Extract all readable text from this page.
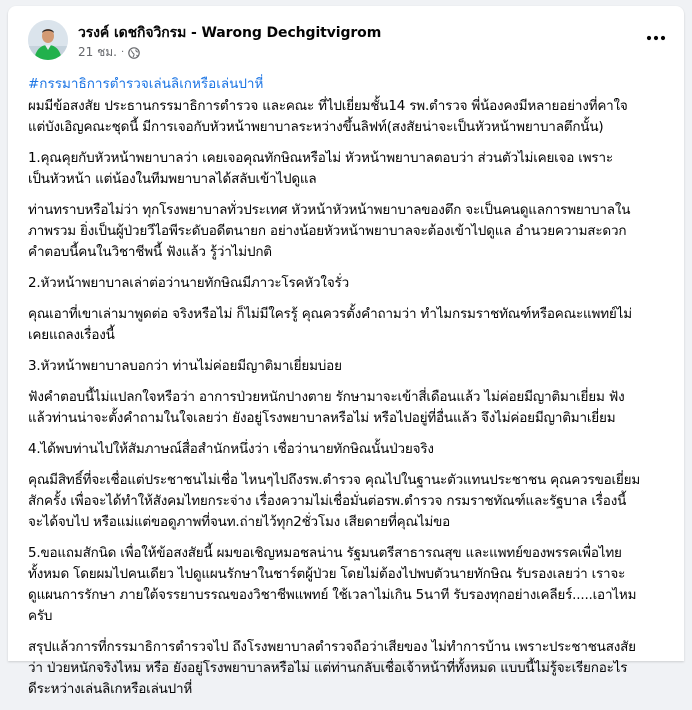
วรงค์ เดชกิจวิกรม - Warong Dechgitvigrom
21 ชม. ·
#กรรมาธิการตำรวจเล่นลิเกหรือเล่นปาหี่

ผมมีข้อสงสัย ประธานกรรมาธิการตำรวจ และคณะ ที่ไปเยี่ยมชั้น14 รพ.ตำรวจ พี่น้องคงมีหลายอย่างที่คาใจ
แต่บังเอิญคณะชุดนี้ มีการเจอกับหัวหน้าพยาบาลระหว่างขึ้นลิฟท์(สงสัยน่าจะเป็นหัวหน้าพยาบาลตึกนั้น)

1.คุณคุยกับหัวหน้าพยาบาลว่า เคยเจอคุณทักษิณหรือไม่ หัวหน้าพยาบาลตอบว่า ส่วนตัวไม่เคยเจอ เพราะ
เป็นหัวหน้า แต่น้องในทีมพยาบาลได้สลับเข้าไปดูแล

ท่านทราบหรือไม่ว่า ทุกโรงพยาบาลทั่วประเทศ หัวหน้าหัวหน้าพยาบาลของตึก จะเป็นคนดูแลการพยาบาลใน
ภาพรวม ยิ่งเป็นผู้ป่วยวีไอพีระดับอดีตนายก อย่างน้อยหัวหน้าพยาบาลจะต้องเข้าไปดูแล อำนวยความสะดวก
คำตอบนี้คนในวิชาชีพนี้ ฟังแล้ว รู้ว่าไม่ปกติ

2.หัวหน้าพยาบาลเล่าต่อว่านายทักษิณมีภาวะโรคหัวใจรั่ว

คุณเอาที่เขาเล่ามาพูดต่อ จริงหรือไม่ ก็ไม่มีใครรู้ คุณควรตั้งคำถามว่า ทำไมกรมราชทัณฑ์หรือคณะแพทย์ไม่
เคยแถลงเรื่องนี้

3.หัวหน้าพยาบาลบอกว่า ท่านไม่ค่อยมีญาติมาเยี่ยมบ่อย

ฟังคำตอบนี้ไม่แปลกใจหรือว่า อาการป่วยหนักปางตาย รักษามาจะเข้าสี่เดือนแล้ว ไม่ค่อยมีญาติมาเยี่ยม ฟัง
แล้วท่านน่าจะตั้งคำถามในใจเลยว่า ยังอยู่โรงพยาบาลหรือไม่ หรือไปอยู่ที่อื่นแล้ว จึงไม่ค่อยมีญาติมาเยี่ยม

4.ได้พบท่านไปให้สัมภาษณ์สื่อสำนักหนึ่งว่า เชื่อว่านายทักษิณนั้นป่วยจริง

คุณมีสิทธิ์ที่จะเชื่อแต่ประชาชนไม่เชื่อ ไหนๆไปถึงรพ.ตำรวจ คุณไปในฐานะตัวแทนประชาชน คุณควรขอเยี่ยม
สักครั้ง เพื่อจะได้ทำให้สังคมไทยกระจ่าง เรื่องความไม่เชื่อมั่นต่อรพ.ตำรวจ กรมราชทัณฑ์และรัฐบาล เรื่องนี้
จะได้จบไป หรือแม่แต่ขอดูภาพที่จนท.ถ่ายไว้ทุก2ชั่วโมง เสียดายที่คุณไม่ขอ

5.ขอแถมสักนิด เพื่อให้ข้อสงสัยนี้ ผมขอเชิญหมอชลน่าน รัฐมนตรีสาธารณสุข และแพทย์ของพรรคเพื่อไทย
ทั้งหมด โดยผมไปคนเดียว ไปดูแผนรักษาในชาร์ตผู้ป่วย โดยไม่ต้องไปพบตัวนายทักษิณ รับรองเลยว่า เราจะ
ดูแผนการรักษา ภายใต้จรรยาบรรณของวิชาชีพแพทย์ ใช้เวลาไม่เกิน 5นาที รับรองทุกอย่างเคลียร์.....เอาไหม
ครับ

สรุปแล้วการที่กรรมาธิการตำรวจไป ถึงโรงพยาบาลตำรวจถือว่าเสียของ ไม่ทำการบ้าน เพราะประชาชนสงสัย
ว่า ป่วยหนักจริงไหม หรือ ยังอยู่โรงพยาบาลหรือไม่ แต่ท่านกลับเชื่อเจ้าหน้าที่ทั้งหมด แบบนี้ไม่รู้จะเรียกอะไร
ดีระหว่างเล่นลิเกหรือเล่นปาหี่
